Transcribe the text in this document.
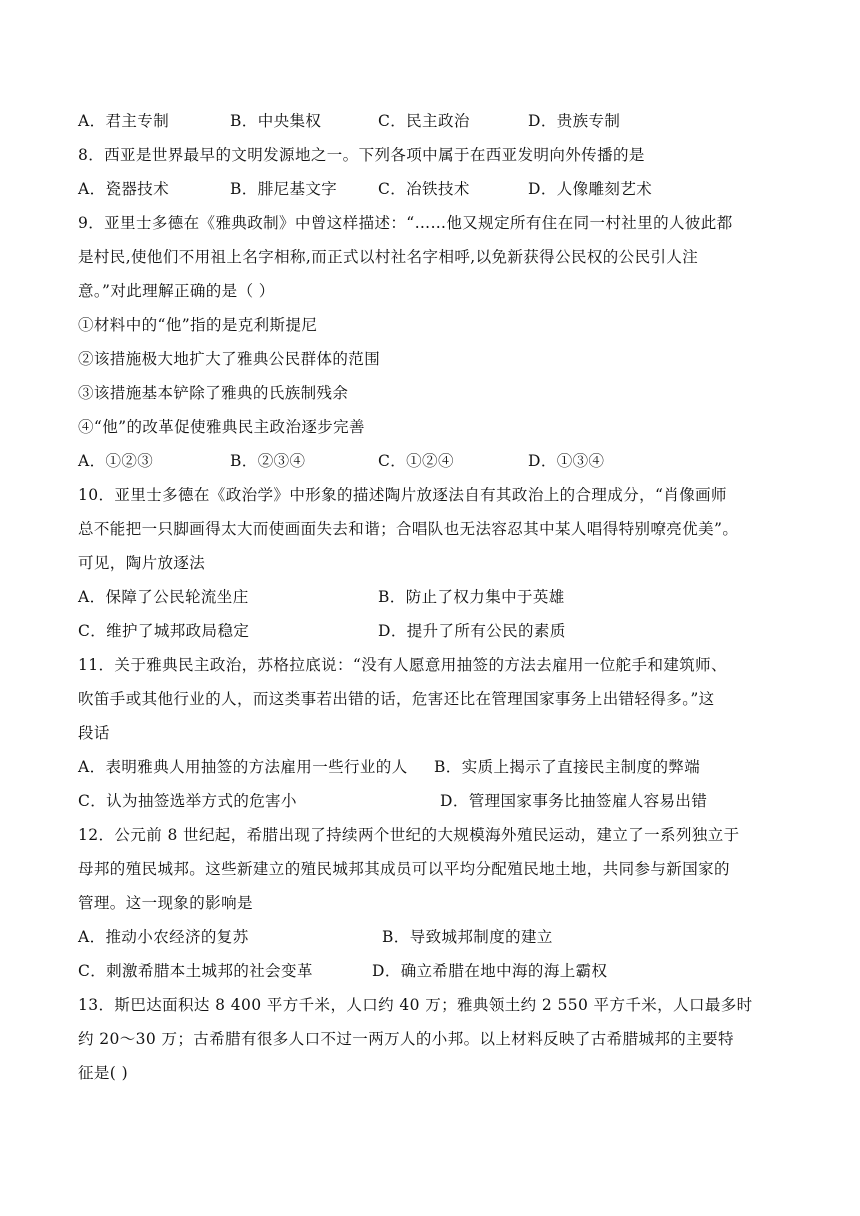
A．君主专制	B．中央集权	C．民主政治	D．贵族专制
8．西亚是世界最早的文明发源地之一。下列各项中属于在西亚发明向外传播的是
A．瓷器技术	B．腓尼基文字	C．冶铁技术	D．人像雕刻艺术
9．亚里士多德在《雅典政制》中曾这样描述：“……他又规定所有住在同一村社里的人彼此都
是村民,使他们不用祖上名字相称,而正式以村社名字相呼,以免新获得公民权的公民引人注
意。”对此理解正确的是（ ）
①材料中的“他”指的是克利斯提尼
②该措施极大地扩大了雅典公民群体的范围
③该措施基本铲除了雅典的氏族制残余
④“他”的改革促使雅典民主政治逐步完善
A．①②③	B．②③④	C．①②④	D．①③④
10．亚里士多德在《政治学》中形象的描述陶片放逐法自有其政治上的合理成分，“肖像画师
总不能把一只脚画得太大而使画面失去和谐；合唱队也无法容忍其中某人唱得特别嘹亮优美”。
可见，陶片放逐法
A．保障了公民轮流坐庄	B．防止了权力集中于英雄
C．维护了城邦政局稳定	D．提升了所有公民的素质
11．关于雅典民主政治，苏格拉底说：“没有人愿意用抽签的方法去雇用一位舵手和建筑师、
吹笛手或其他行业的人，而这类事若出错的话，危害还比在管理国家事务上出错轻得多。”这
段话
A．表明雅典人用抽签的方法雇用一些行业的人 B．实质上揭示了直接民主制度的弊端
C．认为抽签选举方式的危害小	D．管理国家事务比抽签雇人容易出错
12．公元前 8 世纪起，希腊出现了持续两个世纪的大规模海外殖民运动，建立了一系列独立于
母邦的殖民城邦。这些新建立的殖民城邦其成员可以平均分配殖民地土地，共同参与新国家的
管理。这一现象的影响是
A．推动小农经济的复苏	B．导致城邦制度的建立
C．刺激希腊本土城邦的社会变革	D．确立希腊在地中海的海上霸权
13．斯巴达面积达 8 400 平方千米，人口约 40 万；雅典领土约 2 550 平方千米，人口最多时
约 20～30 万；古希腊有很多人口不过一两万人的小邦。以上材料反映了古希腊城邦的主要特
征是( )
